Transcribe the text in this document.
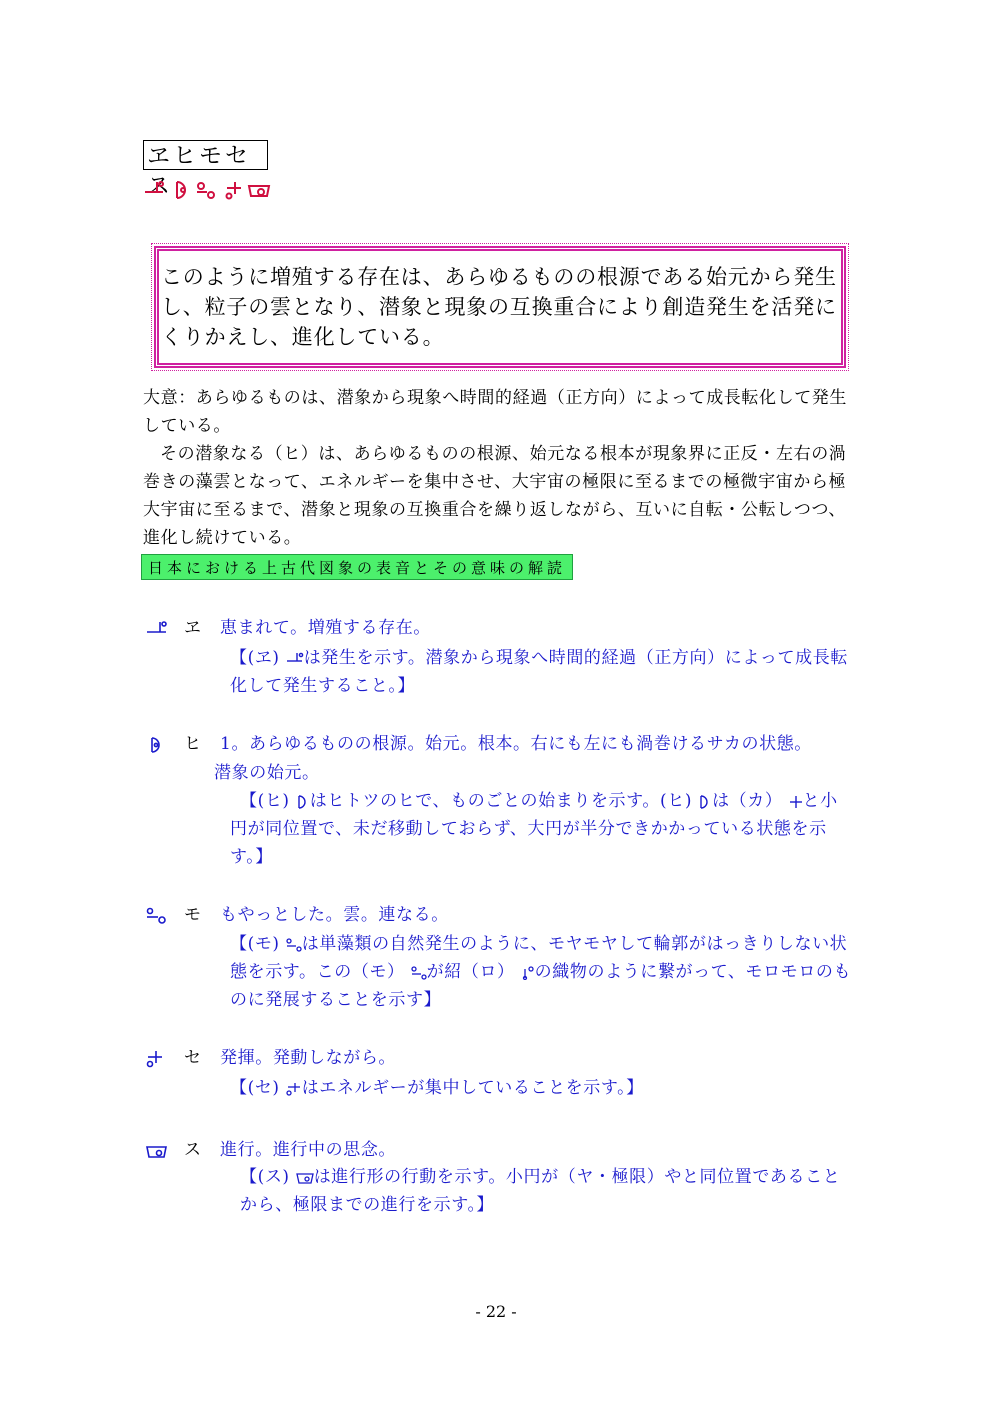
ヱヒモセス
このように増殖する存在は、あらゆるものの根源である始元から発生し、粒子の雲となり、潜象と現象の互換重合により創造発生を活発にくりかえし、進化している。
大意：あらゆるものは、潜象から現象へ時間的経過（正方向）によって成長転化して発生している。
その潜象なる（ヒ）は、あらゆるものの根源、始元なる根本が現象界に正反・左右の渦巻きの藻雲となって、エネルギーを集中させ、大宇宙の極限に至るまでの極微宇宙から極大宇宙に至るまで、潜象と現象の互換重合を繰り返しながら、互いに自転・公転しつつ、進化し続けている。
日本における上古代図象の表音とその意味の解読
ヱ 恵まれて。増殖する存在。
【(ヱ) は発生を示す。潜象から現象へ時間的経過（正方向）によって成長転化して発生すること。】
ヒ 1。あらゆるものの根源。始元。根本。右にも左にも渦巻けるサカの状態。
潜象の始元。
【(ヒ) はヒトツのヒで、ものごとの始まりを示す。(ヒ) は（カ） と小円が同位置で、未だ移動しておらず、大円が半分できかかっている状態を示す。】
モ もやっとした。雲。連なる。
【(モ) は単藻類の自然発生のように、モヤモヤして輪郭がはっきりしない状態を示す。この（モ） が紹（ロ） の織物のように繋がって、モロモロのものに発展することを示す】
セ 発揮。発動しながら。
【(セ) はエネルギーが集中していることを示す。】
ス 進行。進行中の思念。
【(ス) は進行形の行動を示す。小円が（ヤ・極限）やと同位置であることから、極限までの進行を示す。】
- 22 -
